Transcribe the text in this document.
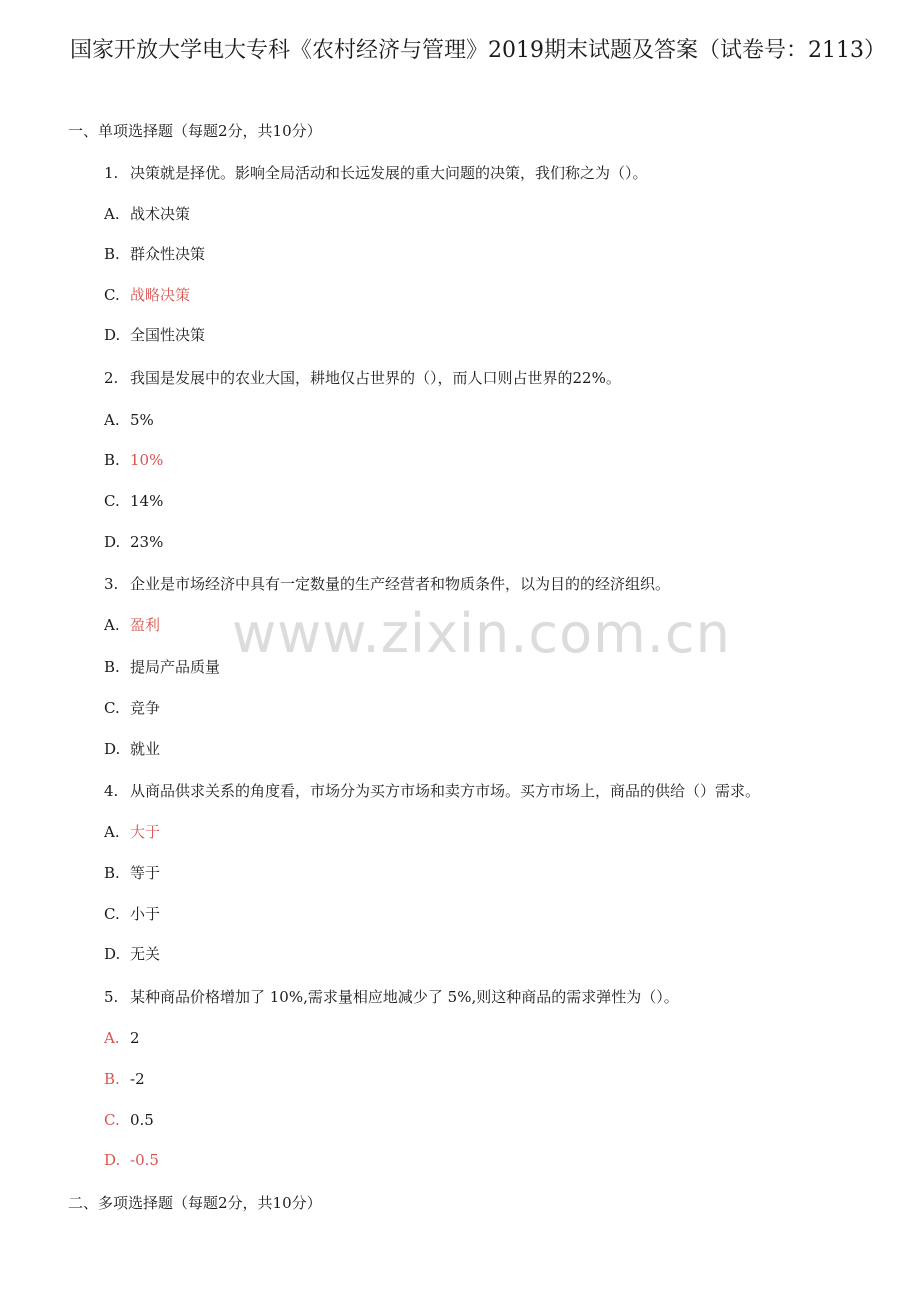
国家开放大学电大专科《农村经济与管理》2019期末试题及答案（试卷号：2113）
一、单项选择题（每题2分，共10分）
1. 决策就是择优。影响全局活动和长远发展的重大问题的决策，我们称之为（）。
A. 战术决策
B. 群众性决策
C. 战略决策
D. 全国性决策
2. 我国是发展中的农业大国，耕地仅占世界的（），而人口则占世界的22%。
A. 5%
B. 10%
C. 14%
D. 23%
3. 企业是市场经济中具有一定数量的生产经营者和物质条件，以为目的的经济组织。
A. 盈利
B. 提局产品质量
C. 竞争
D. 就业
4. 从商品供求关系的角度看，市场分为买方市场和卖方市场。买方市场上，商品的供给（）需求。
A. 大于
B. 等于
C. 小于
D. 无关
5. 某种商品价格增加了 10%,需求量相应地减少了 5%,则这种商品的需求弹性为（）。
A. 2
B. -2
C. 0.5
D. -0.5
二、多项选择题（每题2分，共10分）
www.zixin.com.cn
